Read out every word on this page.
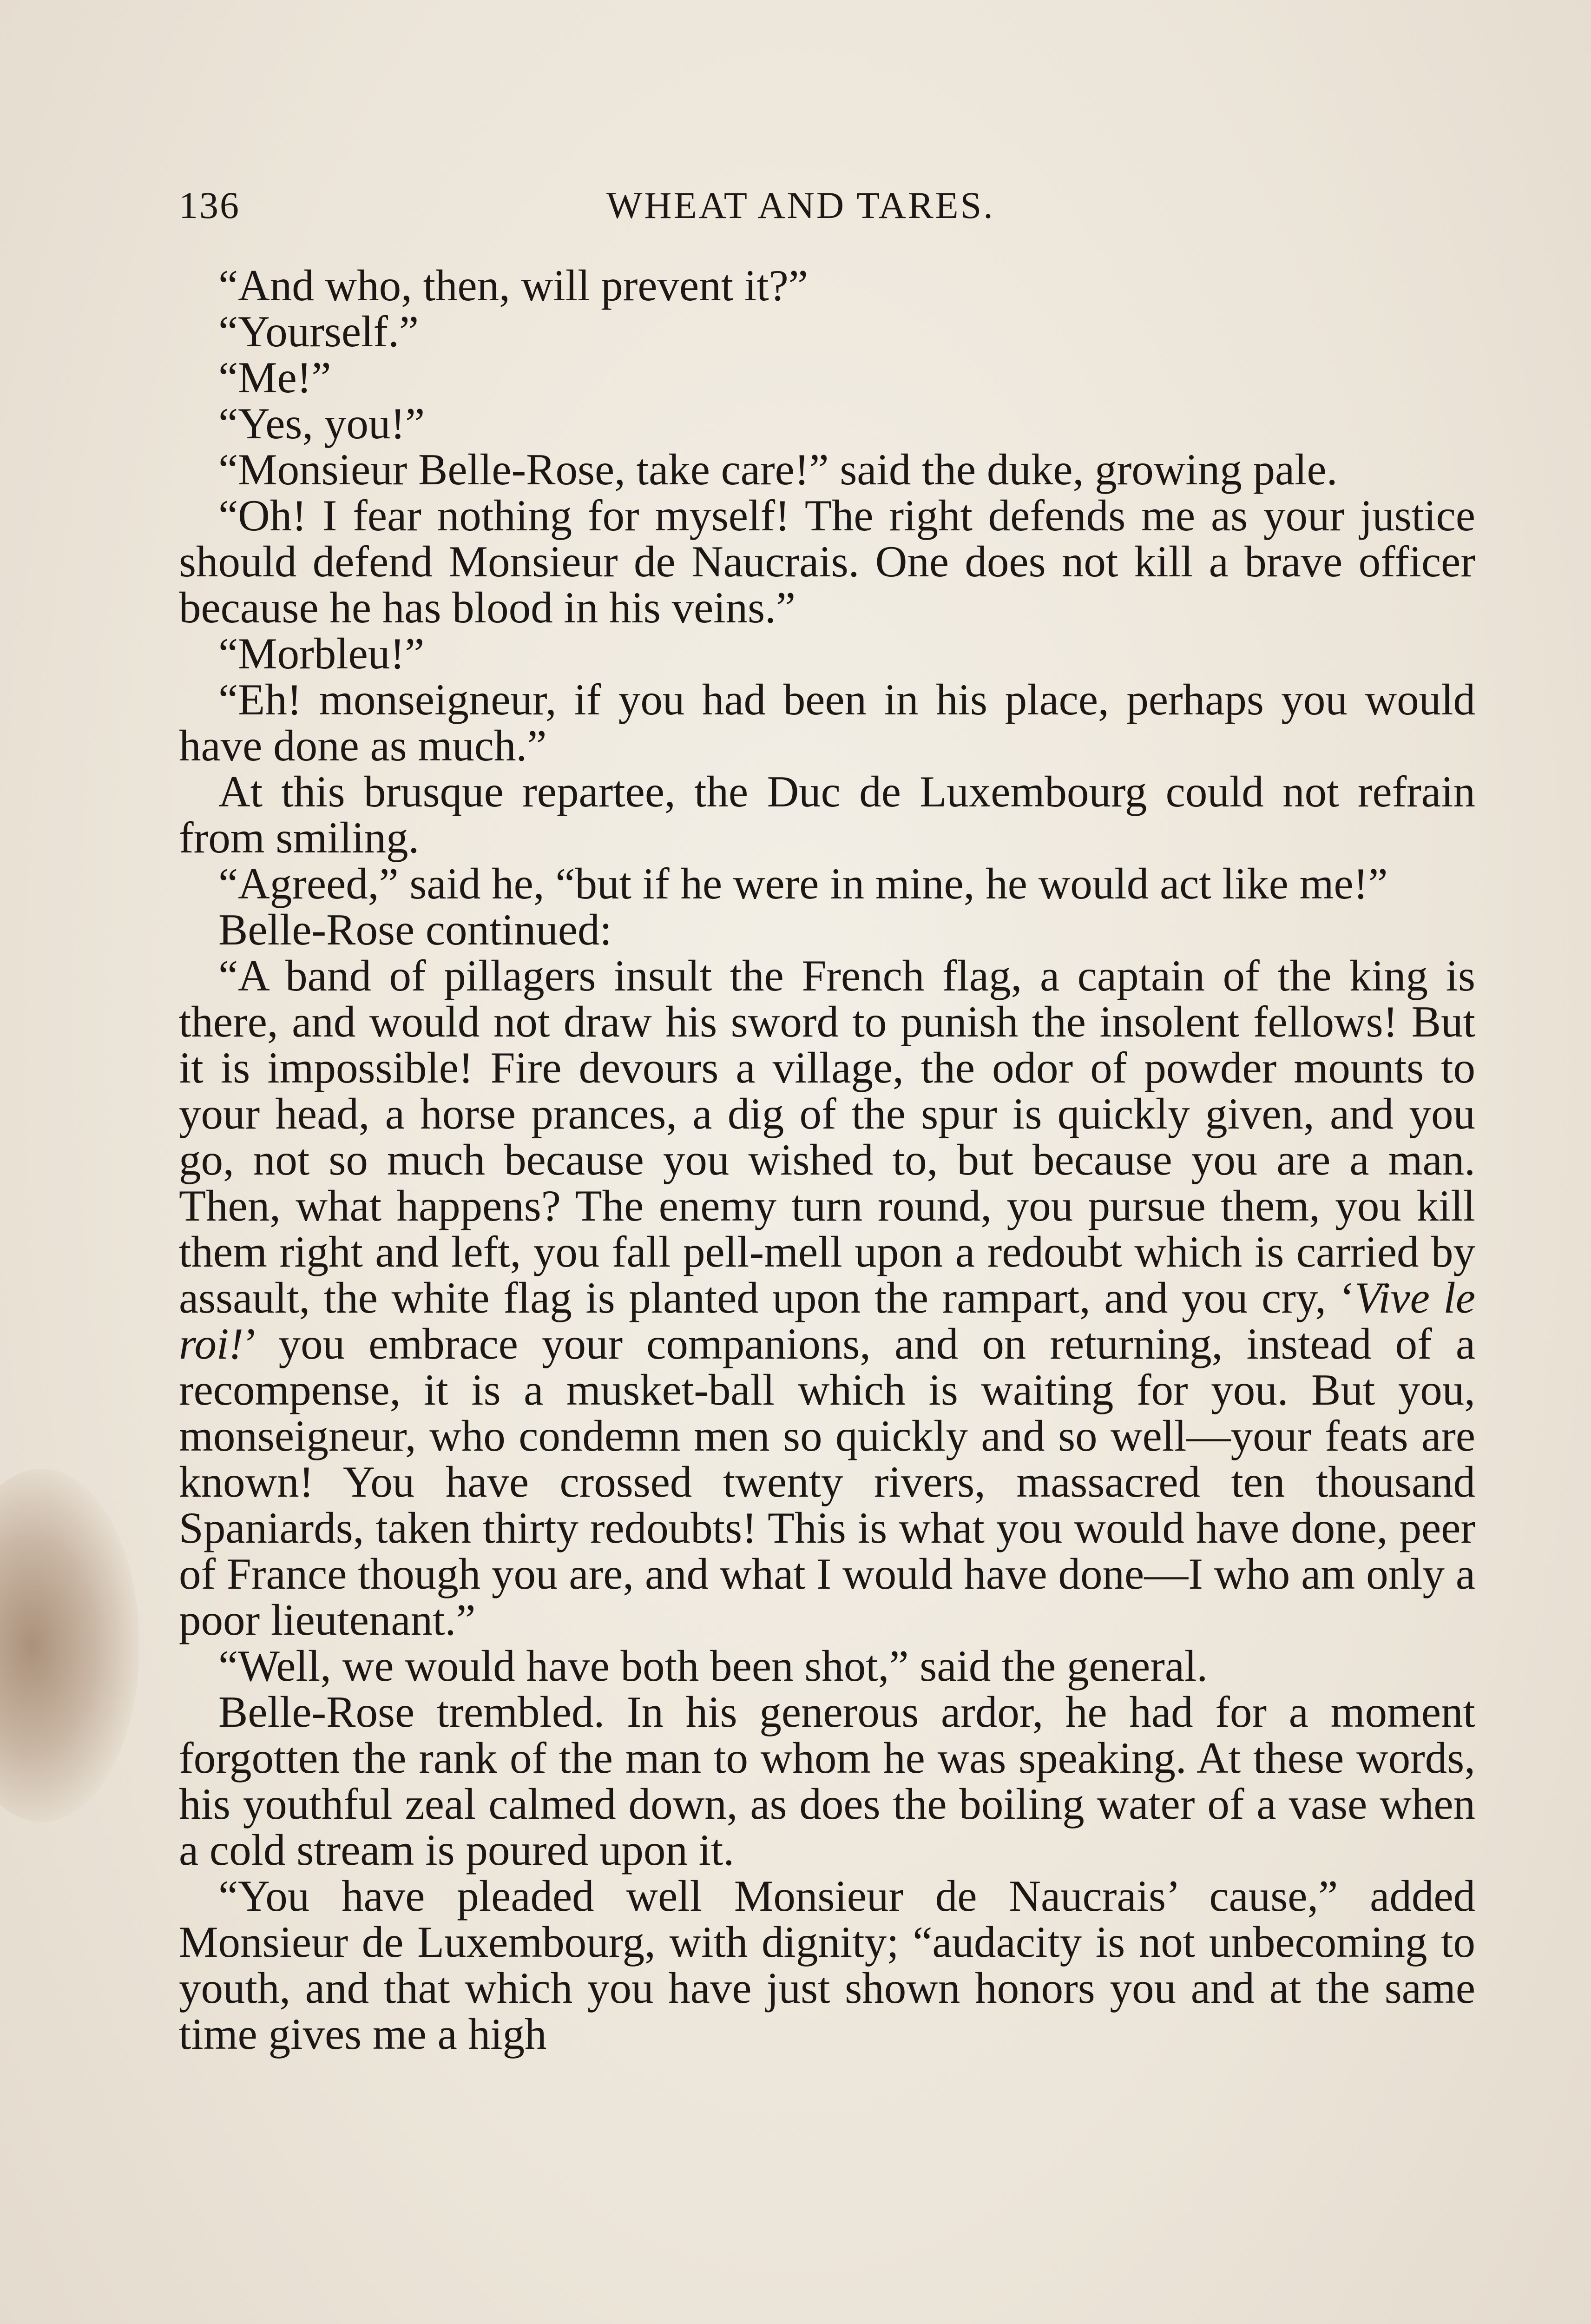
136	WHEAT AND TARES.

“And who, then, will prevent it?”

“Yourself.”

“Me!”

“Yes, you!”

“Monsieur Belle-Rose, take care!” said the duke, growing pale.

“Oh! I fear nothing for myself! The right defends me as your justice should defend Monsieur de Naucrais. One does not kill a brave officer because he has blood in his veins.”

“Morbleu!”

“Eh! monseigneur, if you had been in his place, perhaps you would have done as much.”

At this brusque repartee, the Duc de Luxembourg could not refrain from smiling.

“Agreed,” said he, “but if he were in mine, he would act like me!”

Belle-Rose continued:

“A band of pillagers insult the French flag, a captain of the king is there, and would not draw his sword to punish the insolent fellows! But it is impossible! Fire devours a village, the odor of powder mounts to your head, a horse prances, a dig of the spur is quickly given, and you go, not so much because you wished to, but because you are a man. Then, what happens? The enemy turn round, you pursue them, you kill them right and left, you fall pell-mell upon a redoubt which is carried by assault, the white flag is planted upon the rampart, and you cry, ‘Vive le roi!’ you embrace your companions, and on returning, instead of a recompense, it is a musket-ball which is waiting for you. But you, monseigneur, who condemn men so quickly and so well—your feats are known! You have crossed twenty rivers, massacred ten thousand Spaniards, taken thirty redoubts! This is what you would have done, peer of France though you are, and what I would have done—I who am only a poor lieutenant.”

“Well, we would have both been shot,” said the general.

Belle-Rose trembled. In his generous ardor, he had for a moment forgotten the rank of the man to whom he was speaking. At these words, his youthful zeal calmed down, as does the boiling water of a vase when a cold stream is poured upon it.

“You have pleaded well Monsieur de Naucrais’ cause,” added Monsieur de Luxembourg, with dignity; “audacity is not unbecoming to youth, and that which you have just shown honors you and at the same time gives me a high
